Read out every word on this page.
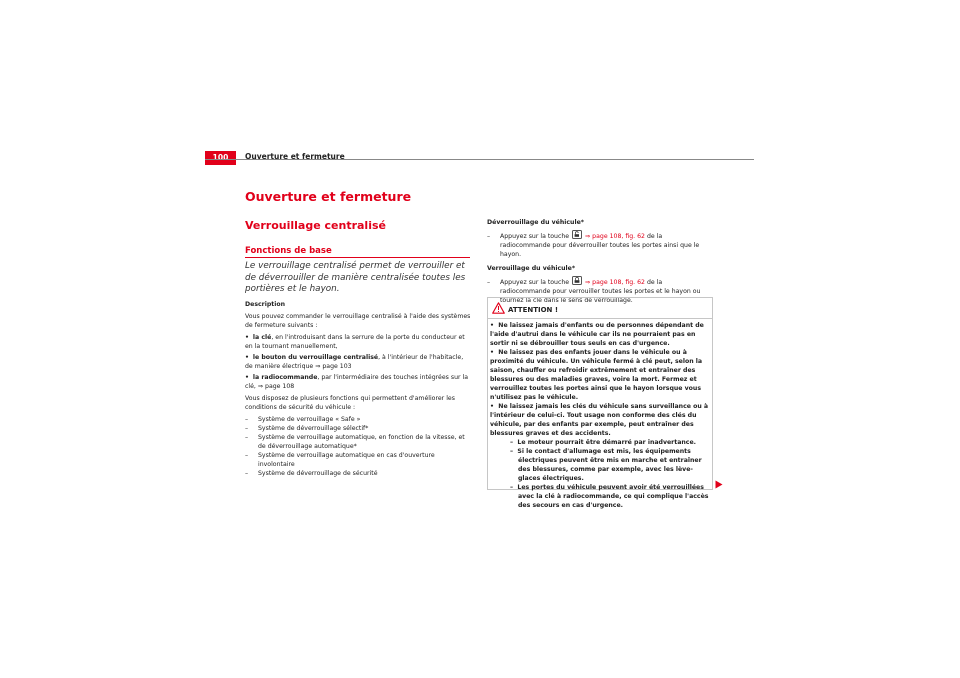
100	Ouverture et fermeture
Ouverture et fermeture
Verrouillage centralisé
Fonctions de base
Le verrouillage centralisé permet de verrouiller et de déverrouiller de manière centralisée toutes les portières et le hayon.

Description

Vous pouvez commander le verrouillage centralisé à l'aide des systèmes de fermeture suivants :

• la clé, en l'introduisant dans la serrure de la porte du conducteur et en la tournant manuellement,

• le bouton du verrouillage centralisé, à l'intérieur de l'habitacle, de manière électrique ⇒ page 103

• la radiocommande, par l'intermédiaire des touches intégrées sur la clé, ⇒ page 108

Vous disposez de plusieurs fonctions qui permettent d'améliorer les conditions de sécurité du véhicule :

– Système de verrouillage « Safe »

– Système de déverrouillage sélectif*

– Système de verrouillage automatique, en fonction de la vitesse, et de déverrouillage automatique*

– Système de verrouillage automatique en cas d'ouverture involontaire

– Système de déverrouillage de sécurité

Déverrouillage du véhicule*

– Appuyez sur la touche	⇒ page 108, fig. 62 de la radiocommande pour déverrouiller toutes les portes ainsi que le hayon.

Verrouillage du véhicule*

– Appuyez sur la touche	⇒ page 108, fig. 62 de la radiocommande pour verrouiller toutes les portes et le hayon ou tournez la clé dans le sens de verrouillage.

ATTENTION !

•  Ne laissez jamais d'enfants ou de personnes dépendant de l'aide d'autrui dans le véhicule car ils ne pourraient pas en sortir ni se débrouiller tous seuls en cas d'urgence.

•  Ne laissez pas des enfants jouer dans le véhicule ou à proximité du véhicule. Un véhicule fermé à clé peut, selon la saison, chauffer ou refroidir extrêmement et entraîner des blessures ou des maladies graves, voire la mort. Fermez et verrouillez toutes les portes ainsi que le hayon lorsque vous n'utilisez pas le véhicule.

•  Ne laissez jamais les clés du véhicule sans surveillance ou à l'intérieur de celui-ci. Tout usage non conforme des clés du véhicule, par des enfants par exemple, peut entraîner des blessures graves et des accidents.

–  Le moteur pourrait être démarré par inadvertance.

–  Si le contact d'allumage est mis, les équipements électriques peuvent être mis en marche et entraîner des blessures, comme par exemple, avec les lève-glaces électriques.

–  Les portes du véhicule peuvent avoir été verrouillées avec la clé à radiocommande, ce qui complique l'accès des secours en cas d'urgence.
